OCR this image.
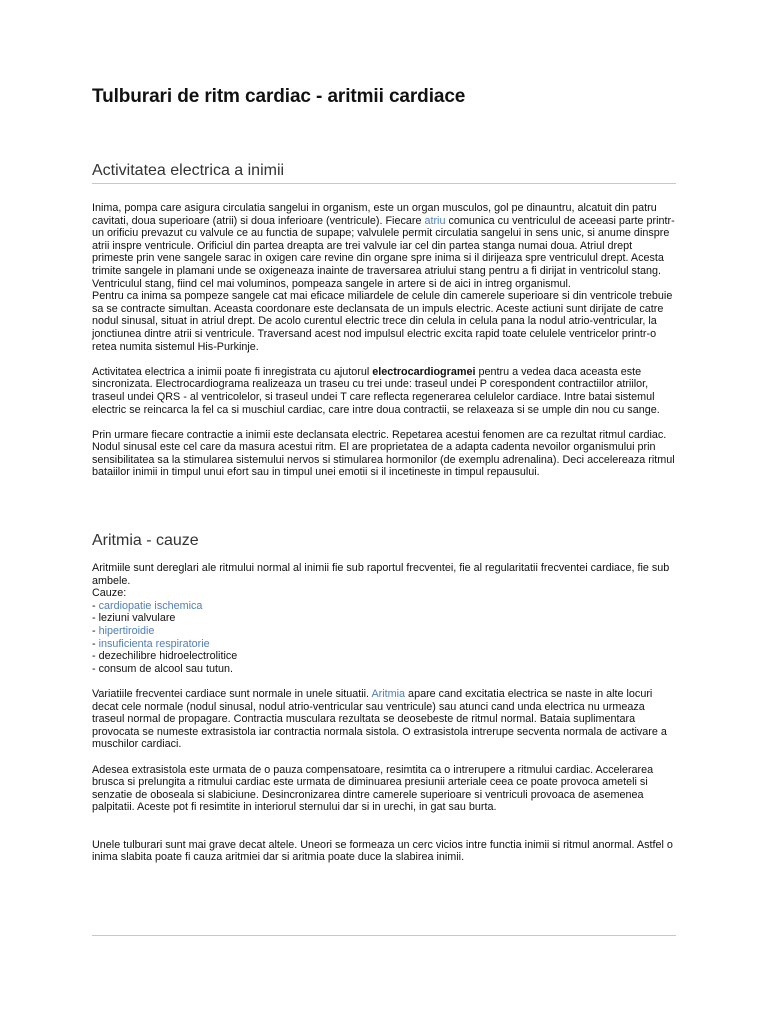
Tulburari de ritm cardiac - aritmii cardiace
Activitatea electrica a inimii
Inima, pompa care asigura circulatia sangelui in organism, este un organ musculos, gol pe dinauntru, alcatuit din patru cavitati, doua superioare (atrii) si doua inferioare (ventricule). Fiecare atriu comunica cu ventriculul de aceeasi parte printr-un orificiu prevazut cu valvule ce au functia de supape; valvulele permit circulatia sangelui in sens unic, si anume dinspre atrii inspre ventricule. Orificiul din partea dreapta are trei valvule iar cel din partea stanga numai doua. Atriul drept primeste prin vene sangele sarac in oxigen care revine din organe spre inima si il dirijeaza spre ventriculul drept. Acesta trimite sangele in plamani unde se oxigeneaza inainte de traversarea atriului stang pentru a fi dirijat in ventricolul stang. Ventriculul stang, fiind cel mai voluminos, pompeaza sangele in artere si de aici in intreg organismul.
Pentru ca inima sa pompeze sangele cat mai eficace miliardele de celule din camerele superioare si din ventricole trebuie sa se contracte simultan. Aceasta coordonare este declansata de un impuls electric. Aceste actiuni sunt dirijate de catre nodul sinusal, situat in atriul drept. De acolo curentul electric trece din celula in celula pana la nodul atrio-ventricular, la jonctiunea dintre atrii si ventricule. Traversand acest nod impulsul electric excita rapid toate celulele ventricelor printr-o retea numita sistemul His-Purkinje.

Activitatea electrica a inimii poate fi inregistrata cu ajutorul electrocardiogramei pentru a vedea daca aceasta este sincronizata. Electrocardiograma realizeaza un traseu cu trei unde: traseul undei P corespondent contractiilor atriilor, traseul undei QRS - al ventricolelor, si traseul undei T care reflecta regenerarea celulelor cardiace. Intre batai sistemul electric se reincarca la fel ca si muschiul cardiac, care intre doua contractii, se relaxeaza si se umple din nou cu sange.

Prin urmare fiecare contractie a inimii este declansata electric. Repetarea acestui fenomen are ca rezultat ritmul cardiac. Nodul sinusal este cel care da masura acestui ritm. El are proprietatea de a adapta cadenta nevoilor organismului prin sensibilitatea sa la stimularea sistemului nervos si stimularea hormonilor (de exemplu adrenalina). Deci accelereaza ritmul bataiilor inimii in timpul unui efort sau in timpul unei emotii si il incetineste in timpul repausului.

Aritmia - cauze

Aritmiile sunt dereglari ale ritmului normal al inimii fie sub raportul frecventei, fie al regularitatii frecventei cardiace, fie sub ambele.

Cauze:

- cardiopatie ischemica
- leziuni valvulare
- hipertiroidie
- insuficienta respiratorie
- dezechilibre hidroelectrolitice
- consum de alcool sau tutun.

Variatiile frecventei cardiace sunt normale in unele situatii. Aritmia apare cand excitatia electrica se naste in alte locuri decat cele normale (nodul sinusal, nodul atrio-ventricular sau ventricule) sau atunci cand unda electrica nu urmeaza traseul normal de propagare. Contractia musculara rezultata se deosebeste de ritmul normal. Bataia suplimentara provocata se numeste extrasistola iar contractia normala sistola. O extrasistola intrerupe secventa normala de activare a muschilor cardiaci.

Adesea extrasistola este urmata de o pauza compensatoare, resimtita ca o intrerupere a ritmului cardiac. Accelerarea brusca si prelungita a ritmului cardiac este urmata de diminuarea presiunii arteriale ceea ce poate provoca ameteli si senzatie de oboseala si slabiciune. Desincronizarea dintre camerele superioare si ventriculi provoaca de asemenea palpitatii. Aceste pot fi resimtite in interiorul sternului dar si in urechi, in gat sau burta.

Unele tulburari sunt mai grave decat altele. Uneori se formeaza un cerc vicios intre functia inimii si ritmul anormal. Astfel o inima slabita poate fi cauza aritmiei dar si aritmia poate duce la slabirea inimii.
